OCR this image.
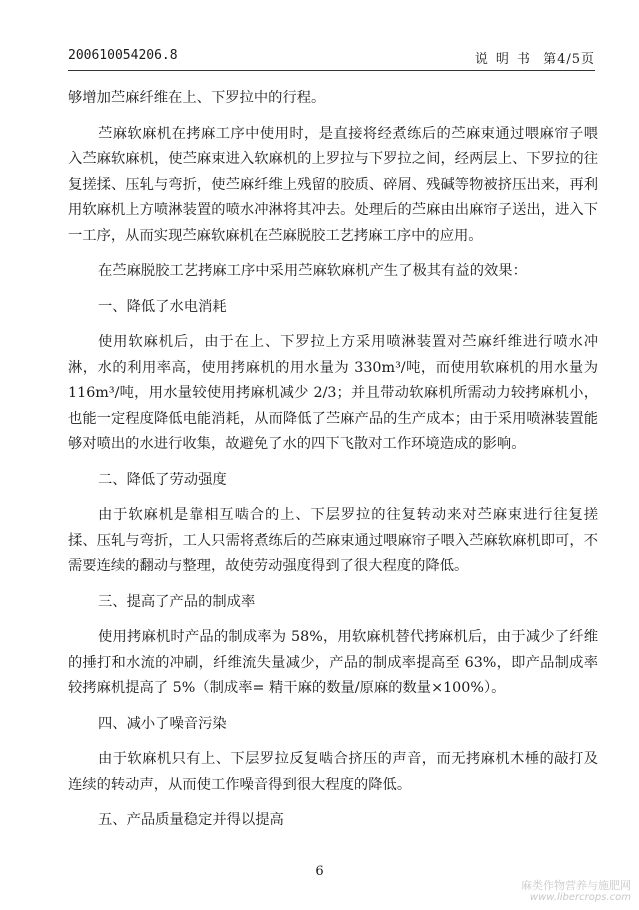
200610054206.8	说明书 第4/5页

够增加苎麻纤维在上、下罗拉中的行程。

苎麻软麻机在拷麻工序中使用时，是直接将经煮练后的苎麻束通过喂麻帘子喂入苎麻软麻机，使苎麻束进入软麻机的上罗拉与下罗拉之间，经两层上、下罗拉的往复搓揉、压轧与弯折，使苎麻纤维上残留的胶质、碎屑、残碱等物被挤压出来，再利用软麻机上方喷淋装置的喷水冲淋将其冲去。处理后的苎麻由出麻帘子送出，进入下一工序，从而实现苎麻软麻机在苎麻脱胶工艺拷麻工序中的应用。

在苎麻脱胶工艺拷麻工序中采用苎麻软麻机产生了极其有益的效果：

一、降低了水电消耗

使用软麻机后，由于在上、下罗拉上方采用喷淋装置对苎麻纤维进行喷水冲淋，水的利用率高，使用拷麻机的用水量为 330m³/吨，而使用软麻机的用水量为116m³/吨，用水量较使用拷麻机减少 2/3；并且带动软麻机所需动力较拷麻机小，也能一定程度降低电能消耗，从而降低了苎麻产品的生产成本；由于采用喷淋装置能够对喷出的水进行收集，故避免了水的四下飞散对工作环境造成的影响。

二、降低了劳动强度

由于软麻机是靠相互啮合的上、下层罗拉的往复转动来对苎麻束进行往复搓揉、压轧与弯折，工人只需将煮练后的苎麻束通过喂麻帘子喂入苎麻软麻机即可，不需要连续的翻动与整理，故使劳动强度得到了很大程度的降低。

三、提高了产品的制成率

使用拷麻机时产品的制成率为 58%，用软麻机替代拷麻机后，由于减少了纤维的捶打和水流的冲刷，纤维流失量减少，产品的制成率提高至 63%，即产品制成率较拷麻机提高了 5%（制成率= 精干麻的数量/原麻的数量×100%）。

四、减小了噪音污染

由于软麻机只有上、下层罗拉反复啮合挤压的声音，而无拷麻机木棰的敲打及连续的转动声，从而使工作噪音得到很大程度的降低。

五、产品质量稳定并得以提高

6
麻类作物营养与施肥网
www.libercrops.com
